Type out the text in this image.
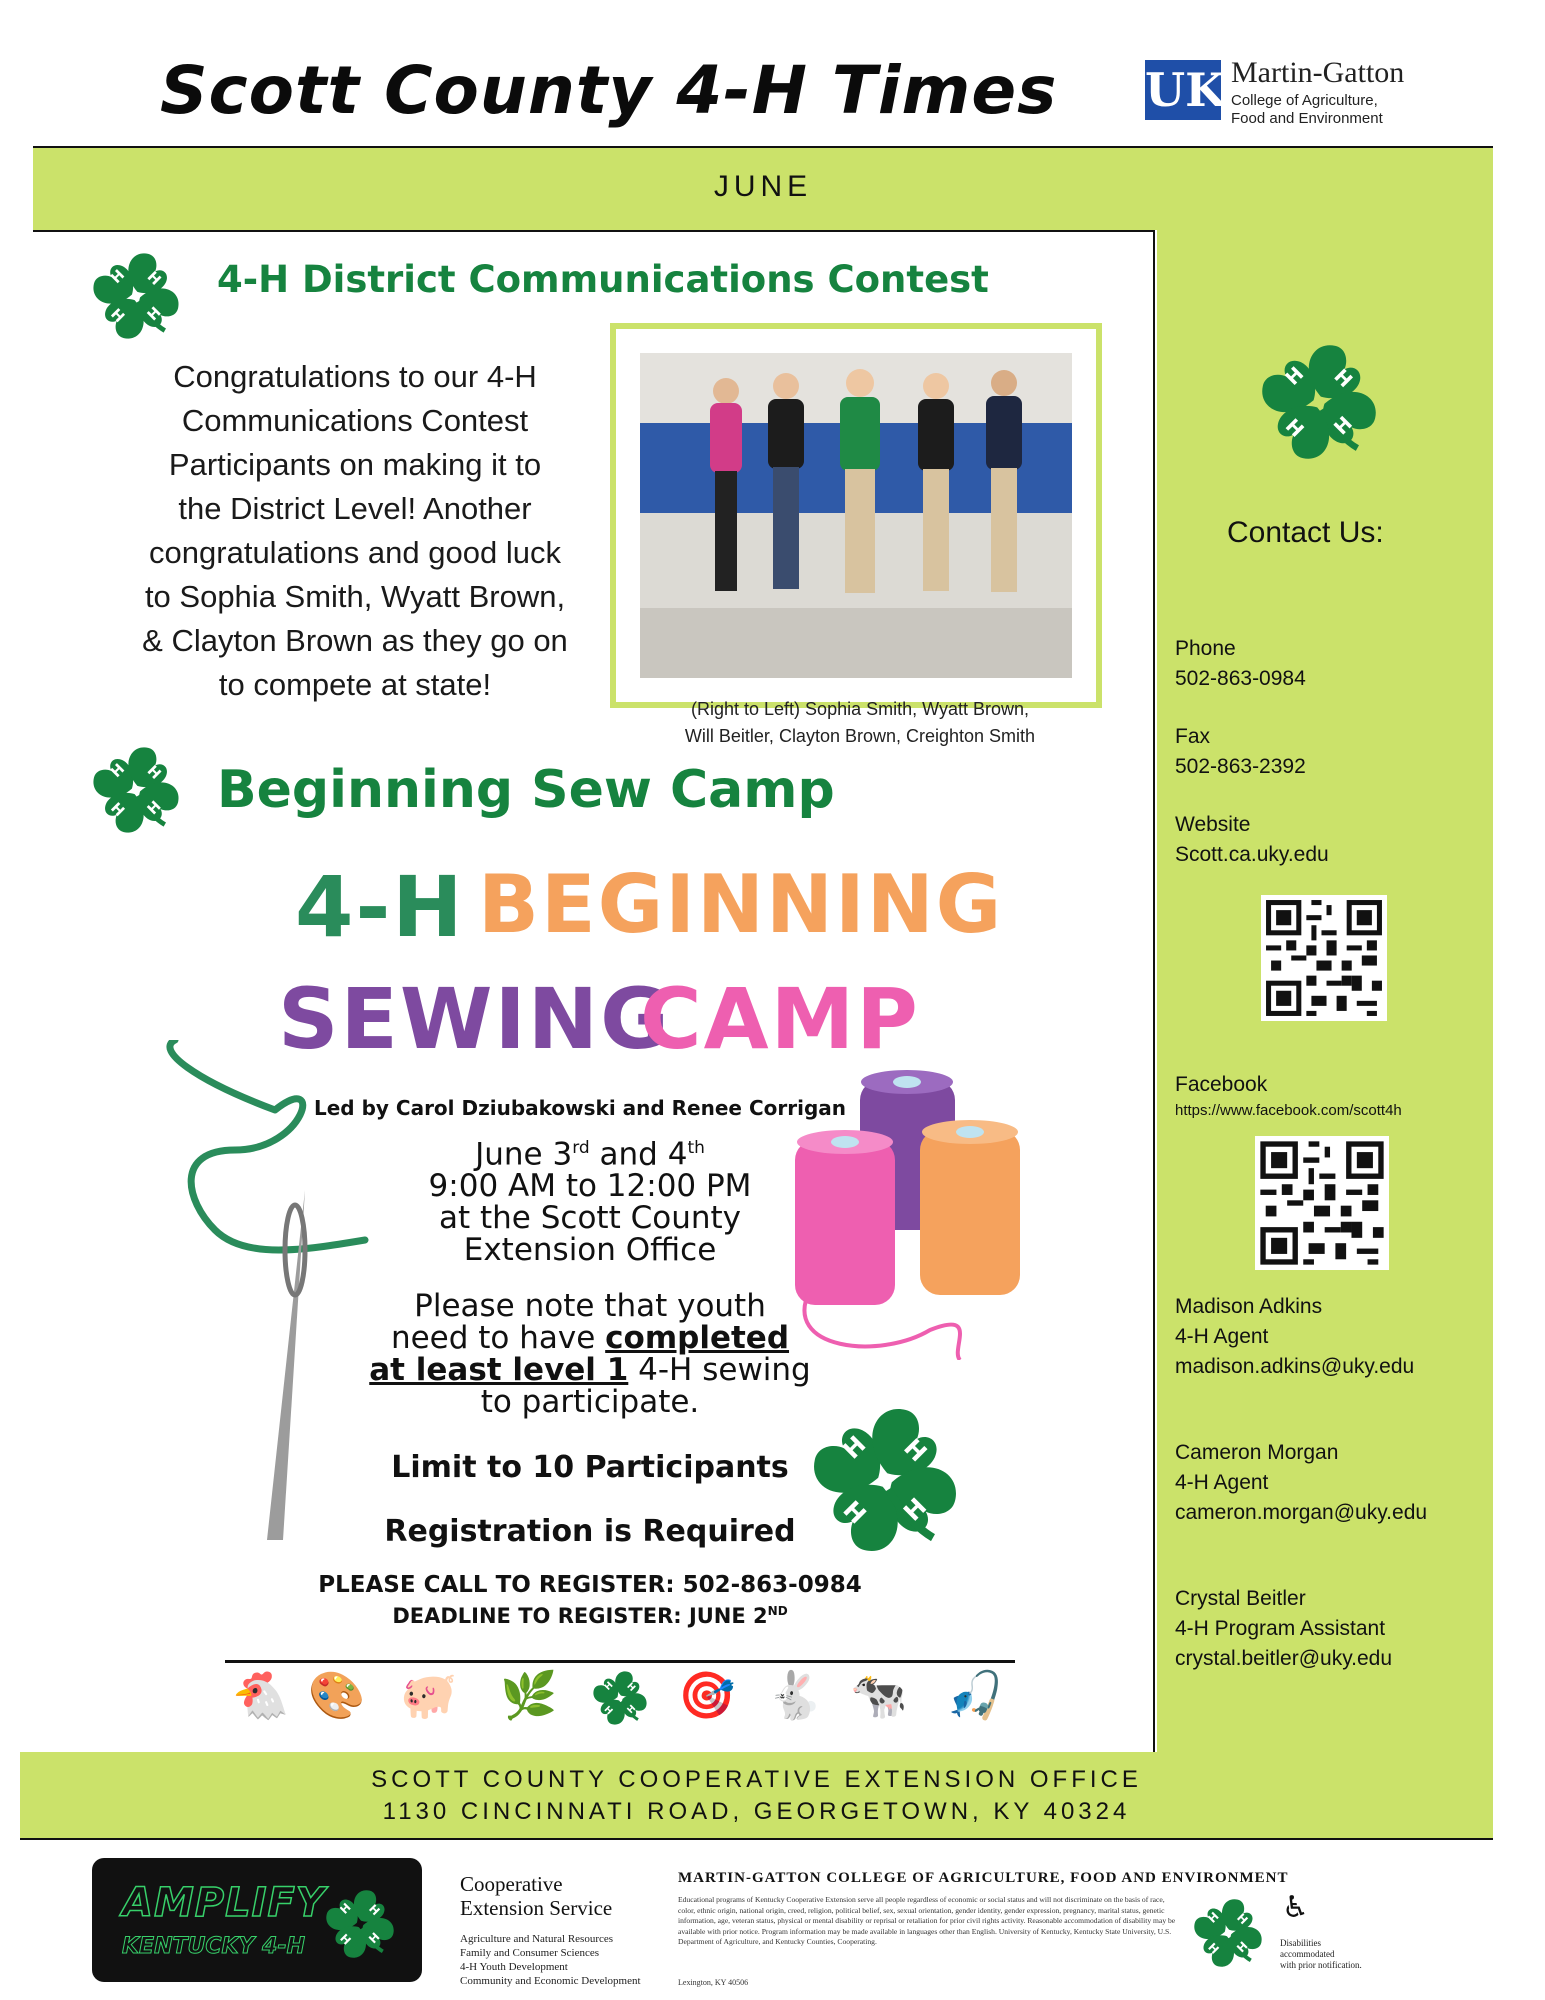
Scott County 4-H Times UK Martin-Gatton
College of Agriculture,
Food and Environment
JUNE
Contact Us:
Phone
502-863-0984
Fax
502-863-2392
Website
Scott.ca.uky.edu
Facebook
https://www.facebook.com/scott4h
Madison Adkins
4-H Agent
madison.adkins@uky.edu
Cameron Morgan
4-H Agent
cameron.morgan@uky.edu
Crystal Beitler
4-H Program Assistant
crystal.beitler@uky.edu
4-H District Communications Contest
Congratulations to our 4-H
Communications Contest
Participants on making it to
the District Level! Another
congratulations and good luck
to Sophia Smith, Wyatt Brown,
& Clayton Brown as they go on
to compete at state!
(Right to Left) Sophia Smith, Wyatt Brown,
Will Beitler, Clayton Brown, Creighton Smith
Beginning Sew Camp
4-H BEGINNING
SEWING
CAMP
Led by Carol Dziubakowski and Renee Corrigan
June 3rd and 4th
9:00 AM to 12:00 PM
at the Scott County
Extension Office
Please note that youth
need to have completed
at least level 1 4-H sewing
to participate.
Limit to 10 Participants
Registration is Required
PLEASE CALL TO REGISTER: 502-863-0984
DEADLINE TO REGISTER: JUNE 2ND
🐔 🎨 🐖 🌿	🎯 🐇 🐄 🎣
SCOTT COUNTY COOPERATIVE EXTENSION OFFICE
1130 CINCINNATI ROAD, GEORGETOWN, KY 40324
AMPLIFY
KENTUCKY 4-H
Cooperative
Extension Service
Agriculture and Natural Resources
Family and Consumer Sciences
4-H Youth Development
Community and Economic Development
MARTIN-GATTON COLLEGE OF AGRICULTURE, FOOD AND ENVIRONMENT
Educational programs of Kentucky Cooperative Extension serve all people regardless of economic or social status and will not discriminate on the basis of race, color, ethnic origin, national origin, creed, religion, political belief, sex, sexual orientation, gender identity, gender expression, pregnancy, marital status, genetic information, age, veteran status, physical or mental disability or reprisal or retaliation for prior civil rights activity. Reasonable accommodation of disability may be available with prior notice. Program information may be made available in languages other than English. University of Kentucky, Kentucky State University, U.S. Department of Agriculture, and Kentucky Counties, Cooperating.
Lexington, KY 40506
♿
Disabilities
accommodated
with prior notification.
